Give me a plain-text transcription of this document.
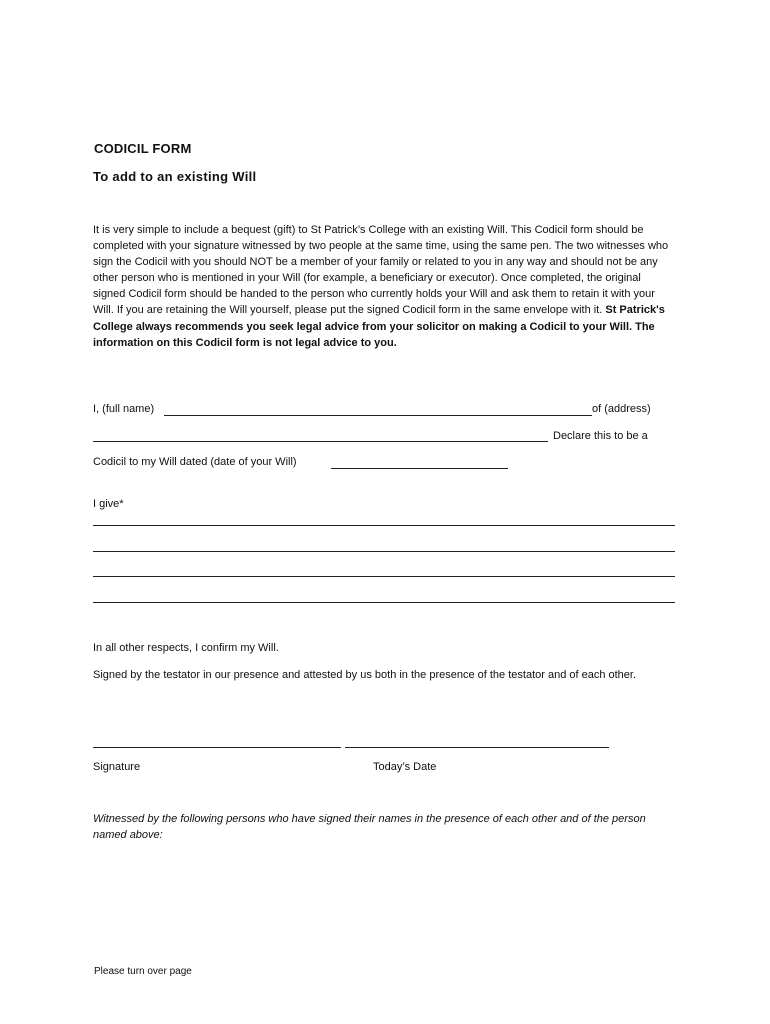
CODICIL FORM

To add to an existing Will

It is very simple to include a bequest (gift) to St Patrick’s College with an existing Will. This Codicil form should be completed with your signature witnessed by two people at the same time, using the same pen. The two witnesses who sign the Codicil with you should NOT be a member of your family or related to you in any way and should not be any other person who is mentioned in your Will (for example, a beneficiary or executor). Once completed, the original signed Codicil form should be handed to the person who currently holds your Will and ask them to retain it with your Will. If you are retaining the Will yourself, please put the signed Codicil form in the same envelope with it. St Patrick's College always recommends you seek legal advice from your solicitor on making a Codicil to your Will. The information on this Codicil form is not legal advice to you.

I, (full name)	of (address)
Declare this to be a
Codicil to my Will dated (date of your Will)
I give*

In all other respects, I confirm my Will.

Signed by the testator in our presence and attested by us both in the presence of the testator and of each other.

Signature	Today’s Date

Witnessed by the following persons who have signed their names in the presence of each other and of the person named above:

Please turn over page
